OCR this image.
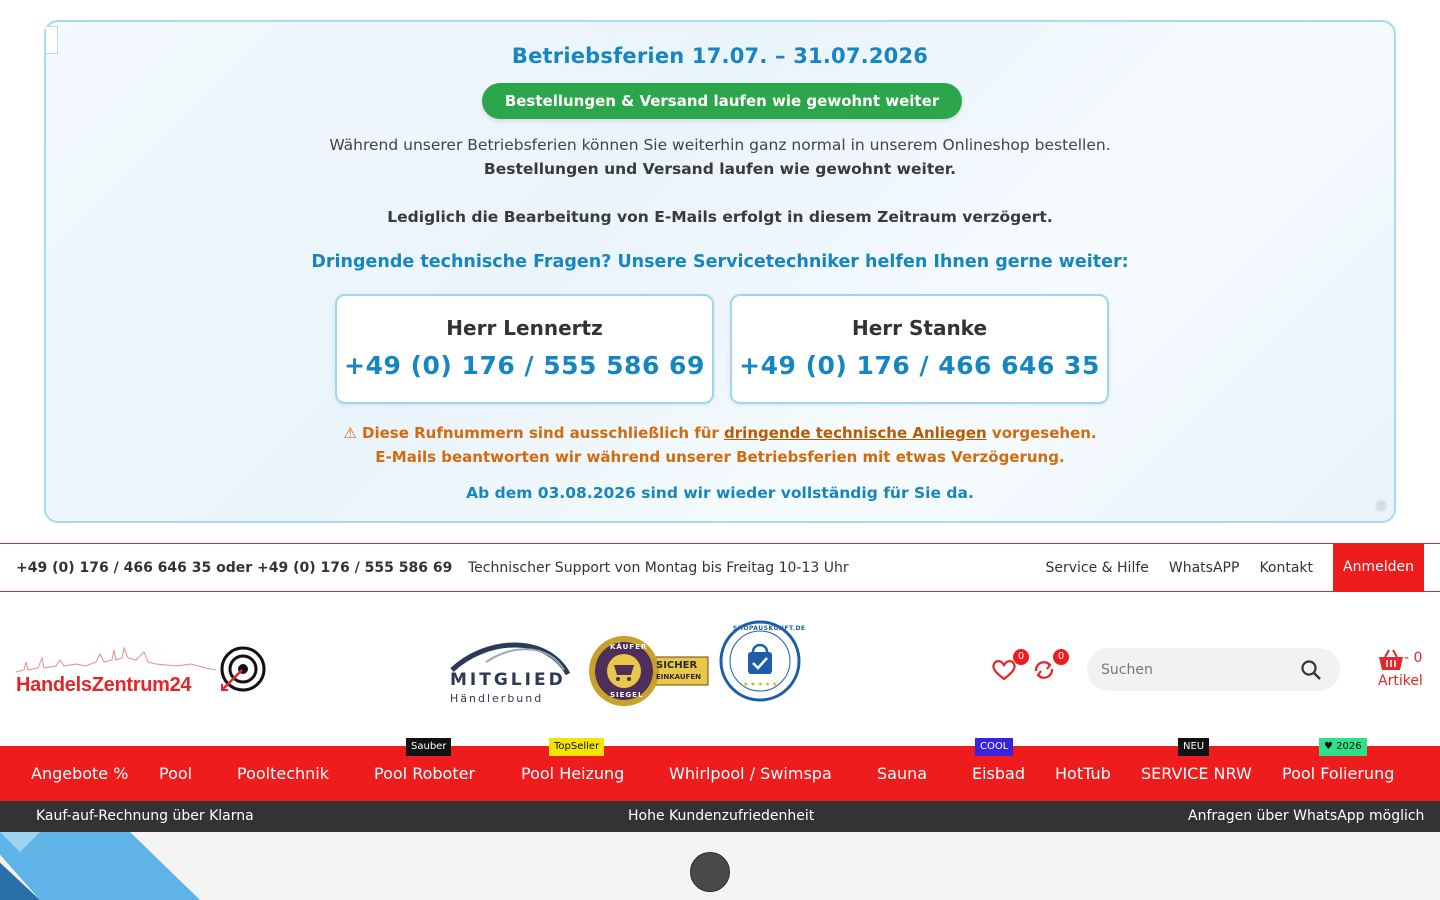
Betriebsferien 17.07. – 31.07.2026
Bestellungen & Versand laufen wie gewohnt weiter
Während unserer Betriebsferien können Sie weiterhin ganz normal in unserem Onlineshop bestellen.
Bestellungen und Versand laufen wie gewohnt weiter.
Lediglich die Bearbeitung von E-Mails erfolgt in diesem Zeitraum verzögert.
Dringende technische Fragen? Unsere Servicetechniker helfen Ihnen gerne weiter:
Herr Lennertz
+49 (0) 176 / 555 586 69
Herr Stanke
+49 (0) 176 / 466 646 35
⚠ Diese Rufnummern sind ausschließlich für dringende technische Anliegen vorgesehen.
E-Mails beantworten wir während unserer Betriebsferien mit etwas Verzögerung.
Ab dem 03.08.2026 sind wir wieder vollständig für Sie da.
✹
+49 (0) 176 / 466 646 35 oder +49 (0) 176 / 555 586 69 Technischer Support von Montag bis Freitag 10-13 Uhr	Service & Hilfe WhatsAPP Kontakt	Anmelden
HandelsZentrum24	MITGLIED
Händlerbund
KÄUFER
SIEGEL
SICHER
EINKAUFEN
★ ★ ★ ★ ★
SHOPAUSKUNFT.DE
0	0
Suchen	- 0
Artikel
Angebote % Pool	Pooltechnik
Sauber
Pool Roboter
TopSeller
Pool Heizung	Whirlpool / Swimspa	Sauna
COOL
Eisbad HotTub
NEU
SERVICE NRW
♥ 2026
Pool Folierung
Kauf-auf-Rechnung über Klarna	Hohe Kundenzufriedenheit	Anfragen über WhatsApp möglich
